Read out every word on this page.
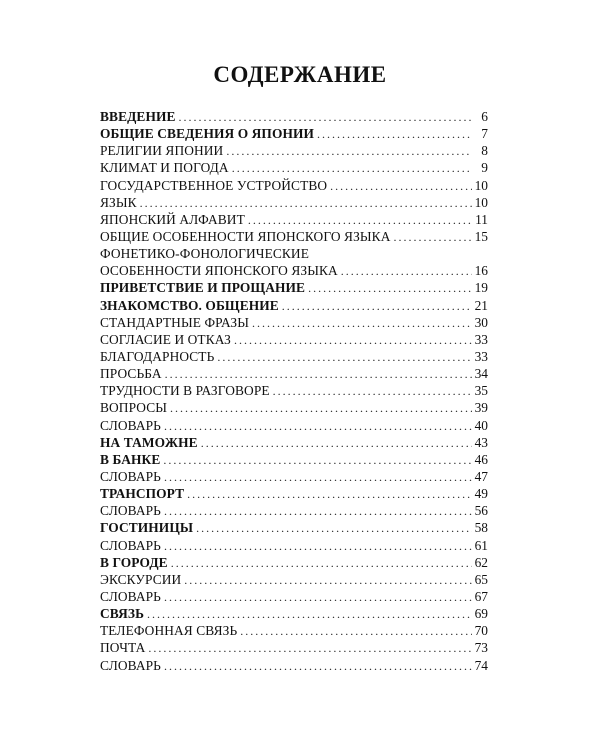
СОДЕРЖАНИЕ
ВВЕДЕНИЕ . . .	6
ОБЩИЕ СВЕДЕНИЯ О ЯПОНИИ . . .	7
РЕЛИГИИ ЯПОНИИ . . .	8
КЛИМАТ И ПОГОДА . . .	9
ГОСУДАРСТВЕННОЕ УСТРОЙСТВО . . .	10
ЯЗЫК . . .	10
ЯПОНСКИЙ АЛФАВИТ . . .	11
ОБЩИЕ ОСОБЕННОСТИ ЯПОНСКОГО ЯЗЫКА . . .	15
ФОНЕТИКО-ФОНОЛОГИЧЕСКИЕ
ОСОБЕННОСТИ ЯПОНСКОГО ЯЗЫКА . . .	16
ПРИВЕТСТВИЕ И ПРОЩАНИЕ . . .	19
ЗНАКОМСТВО. ОБЩЕНИЕ . . .	21
СТАНДАРТНЫЕ ФРАЗЫ . . .	30
СОГЛАСИЕ И ОТКАЗ . . .	33
БЛАГОДАРНОСТЬ . . .	33
ПРОСЬБА . . .	34
ТРУДНОСТИ В РАЗГОВОРЕ . . .	35
ВОПРОСЫ . . .	39
СЛОВАРЬ . . .	40
НА ТАМОЖНЕ . . .	43
В БАНКЕ . . .	46
СЛОВАРЬ . . .	47
ТРАНСПОРТ . . .	49
СЛОВАРЬ . . .	56
ГОСТИНИЦЫ . . .	58
СЛОВАРЬ . . .	61
В ГОРОДЕ . . .	62
ЭКСКУРСИИ . . .	65
СЛОВАРЬ . . .	67
СВЯЗЬ . . .	69
ТЕЛЕФОННАЯ СВЯЗЬ . . .	70
ПОЧТА . . .	73
СЛОВАРЬ . . .	74
